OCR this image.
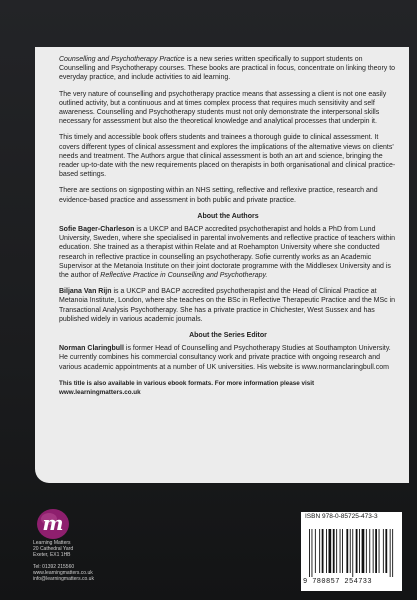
Counselling and Psychotherapy Practice is a new series written specifically to support students on Counselling and Psychotherapy courses. These books are practical in focus, concentrate on linking theory to everyday practice, and include activities to aid learning.

The very nature of counselling and psychotherapy practice means that assessing a client is not one easily outlined activity, but a continuous and at times complex process that requires much sensitivity and self awareness. Counselling and Psychotherapy students must not only demonstrate the interpersonal skills necessary for assessment but also the theoretical knowledge and analytical processes that underpin it.

This timely and accessible book offers students and trainees a thorough guide to clinical assessment. It covers different types of clinical assessment and explores the implications of the alternative views on clients' needs and treatment. The Authors argue that clinical assessment is both an art and science, bringing the reader up-to-date with the new requirements placed on therapists in both organisational and clinical practice-based settings.

There are sections on signposting within an NHS setting, reflective and reflexive practice, research and evidence-based practice and assessment in both public and private practice.

About the Authors

Sofie Bager-Charleson is a UKCP and BACP accredited psychotherapist and holds a PhD from Lund University, Sweden, where she specialised in parental involvements and reflective practice of teachers within education. She trained as a therapist within Relate and at Roehampton University where she conducted research in reflective practice in counselling an psychotherapy. Sofie currently works as an Academic Supervisor at the Metanoia Institute on their joint doctorate programme with the Middlesex University and is the author of Reflective Practice in Counselling and Psychotherapy.

Biljana Van Rijn is a UKCP and BACP accredited psychotherapist and the Head of Clinical Practice at Metanoia Institute, London, where she teaches on the BSc in Reflective Therapeutic Practice and the MSc in Transactional Analysis Psychotherapy. She has a private practice in Chichester, West Sussex and has published widely in various academic journals.

About the Series Editor

Norman Claringbull is former Head of Counselling and Psychotherapy Studies at Southampton University. He currently combines his commercial consultancy work and private practice with ongoing research and various academic appointments at a number of UK universities. His website is www.normanclaringbull.com

This title is also available in various ebook formats. For more information please visit www.learningmatters.co.uk
m
Learning Matters
20 Cathedral Yard
Exeter, EX1 1HB
Tel: 01392 215560
www.learningmatters.co.uk
info@learningmatters.co.uk
ISBN 978-0-85725-473-3
9 780857 254733
